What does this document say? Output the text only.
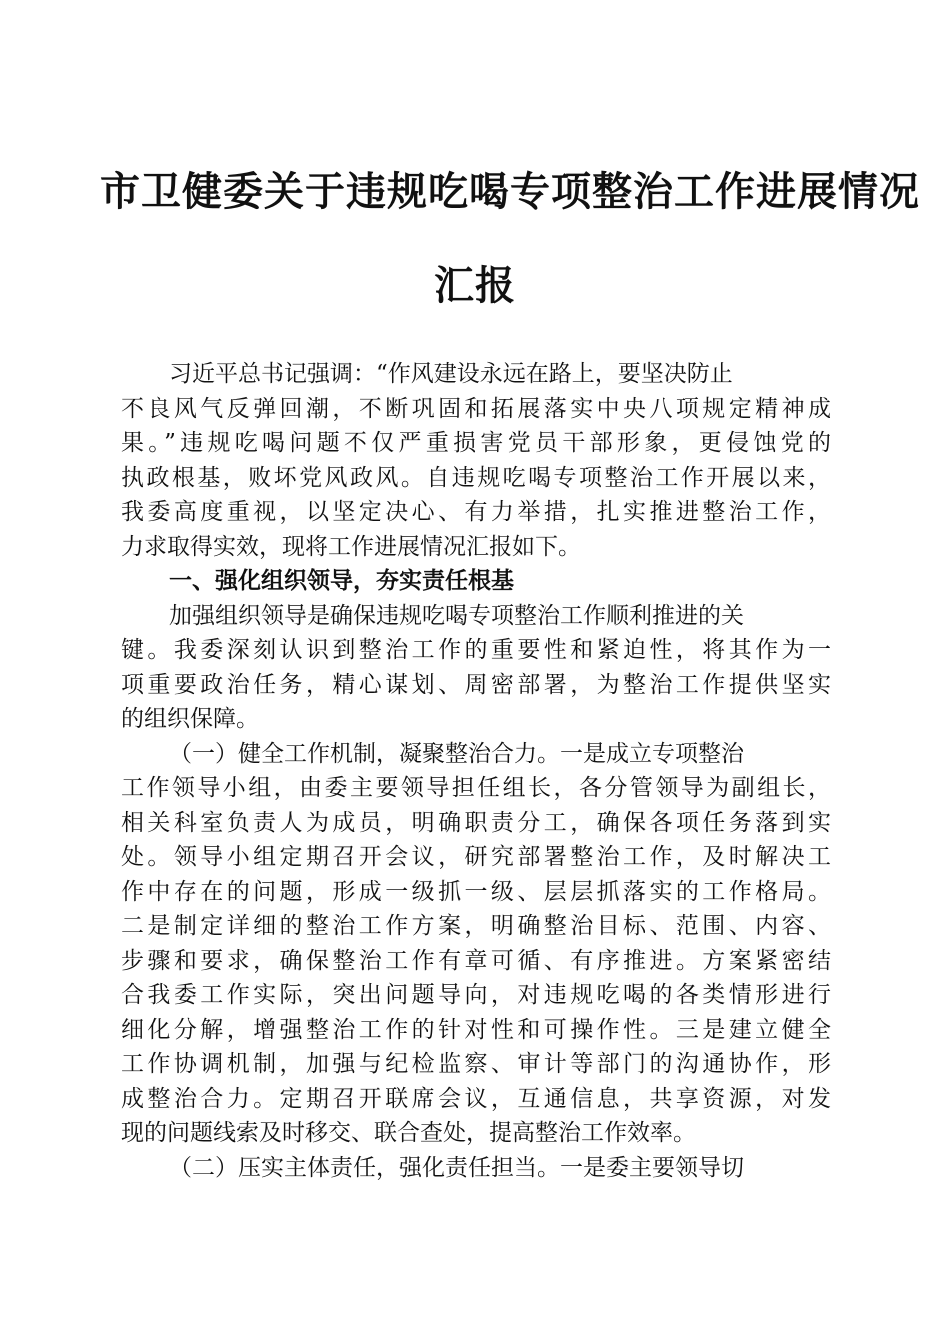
市卫健委关于违规吃喝专项整治工作进展情况
汇报
习近平总书记强调：“作风建设永远在路上，要坚决防止
不良风气反弹回潮，不断巩固和拓展落实中央八项规定精神成
果。”违规吃喝问题不仅严重损害党员干部形象，更侵蚀党的
执政根基，败坏党风政风。自违规吃喝专项整治工作开展以来，
我委高度重视，以坚定决心、有力举措，扎实推进整治工作，
力求取得实效，现将工作进展情况汇报如下。
一、强化组织领导，夯实责任根基
加强组织领导是确保违规吃喝专项整治工作顺利推进的关
键。我委深刻认识到整治工作的重要性和紧迫性，将其作为一
项重要政治任务，精心谋划、周密部署，为整治工作提供坚实
的组织保障。
（一）健全工作机制，凝聚整治合力。一是成立专项整治
工作领导小组，由委主要领导担任组长，各分管领导为副组长，
相关科室负责人为成员，明确职责分工，确保各项任务落到实
处。领导小组定期召开会议，研究部署整治工作，及时解决工
作中存在的问题，形成一级抓一级、层层抓落实的工作格局。
二是制定详细的整治工作方案，明确整治目标、范围、内容、
步骤和要求，确保整治工作有章可循、有序推进。方案紧密结
合我委工作实际，突出问题导向，对违规吃喝的各类情形进行
细化分解，增强整治工作的针对性和可操作性。三是建立健全
工作协调机制，加强与纪检监察、审计等部门的沟通协作，形
成整治合力。定期召开联席会议，互通信息，共享资源，对发
现的问题线索及时移交、联合查处，提高整治工作效率。
（二）压实主体责任，强化责任担当。一是委主要领导切
